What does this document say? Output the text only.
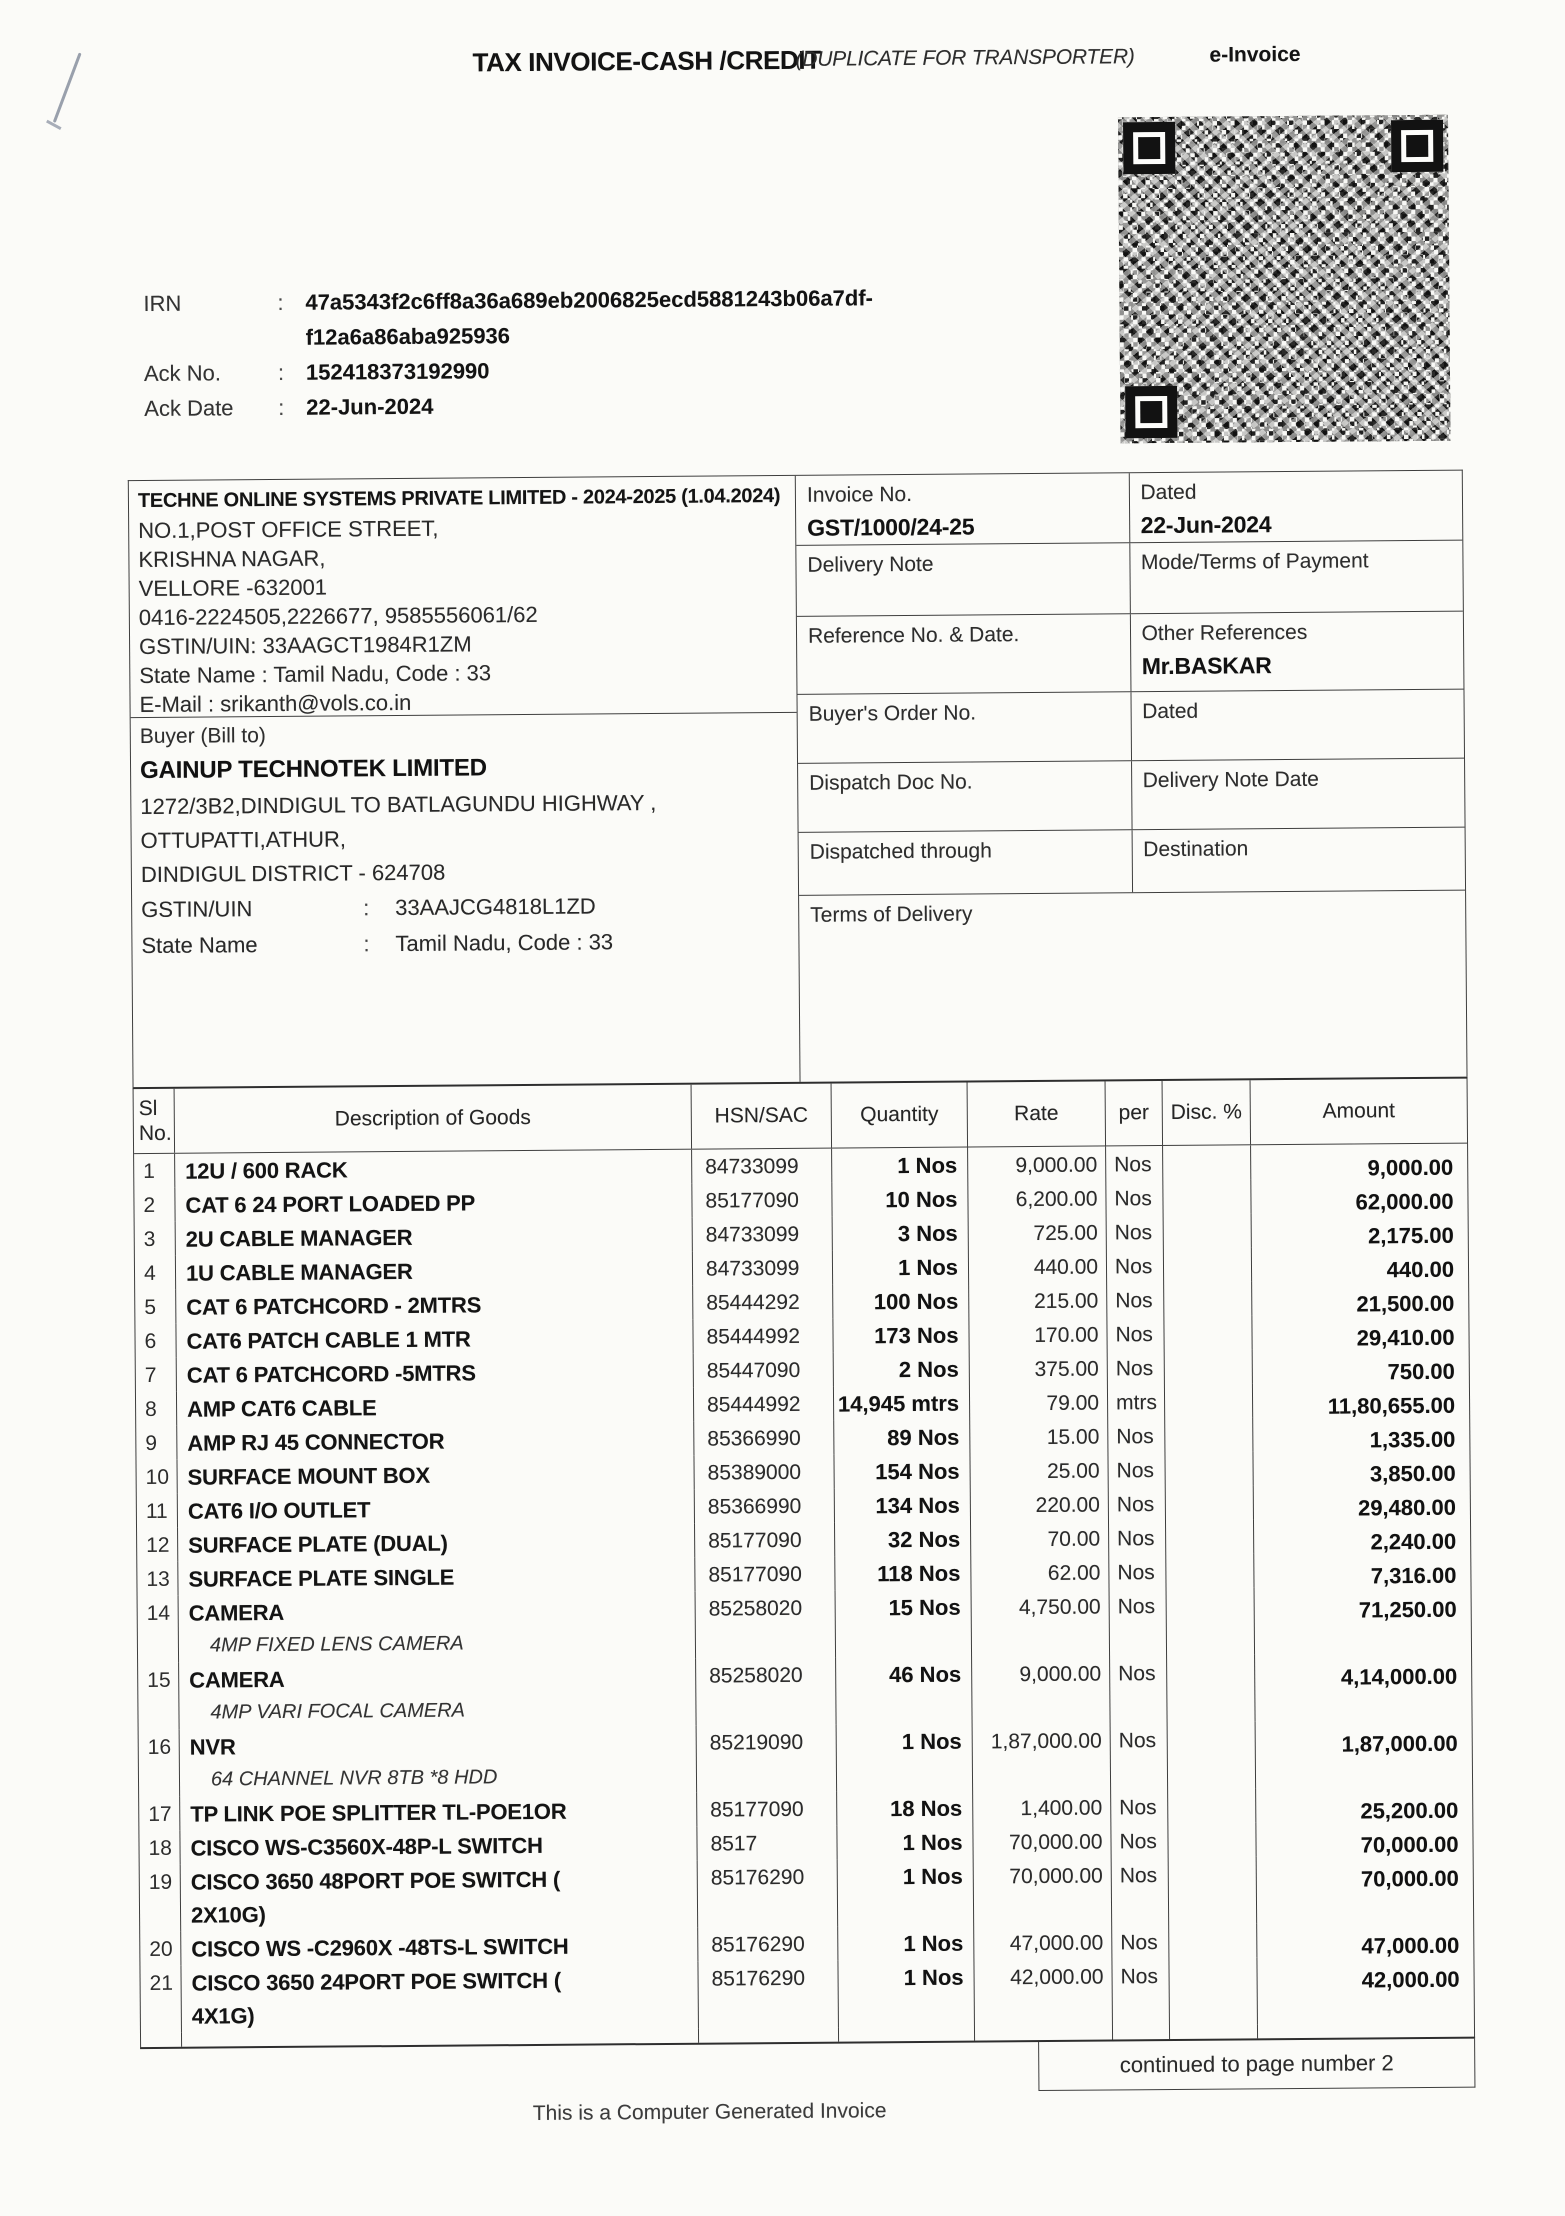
TAX INVOICE-CASH /CREDIT
(DUPLICATE FOR TRANSPORTER)	e-Invoice
IRN	: 47a5343f2c6ff8a36a689eb2006825ecd5881243b06a7df-
f12a6a86aba925936
Ack No.	: 152418373192990
Ack Date	: 22-Jun-2024
TECHNE ONLINE SYSTEMS PRIVATE LIMITED - 2024-2025 (1.04.2024)
NO.1,POST OFFICE STREET,
KRISHNA NAGAR,
VELLORE -632001
0416-2224505,2226677, 9585556061/62
GSTIN/UIN: 33AAGCT1984R1ZM
State Name : Tamil Nadu, Code : 33
E-Mail : srikanth@vols.co.in
Buyer (Bill to)
GAINUP TECHNOTEK LIMITED
1272/3B2,DINDIGUL TO BATLAGUNDU HIGHWAY ,
OTTUPATTI,ATHUR,
DINDIGUL DISTRICT - 624708
GSTIN/UIN	:	33AAJCG4818L1ZD
State Name	:	Tamil Nadu, Code : 33
Invoice No.
GST/1000/24-25
Dated
22-Jun-2024
Delivery Note	Mode/Terms of Payment
Reference No. & Date.	Other References
Mr.BASKAR
Buyer's Order No.	Dated
Dispatch Doc No.	Delivery Note Date
Dispatched through	Destination
Terms of Delivery
Sl
No.
Description of Goods	HSN/SAC	Quantity	Rate	per	Disc. %	Amount
1	12U / 600 RACK	84733099	1 Nos	9,000.00 Nos	9,000.00
2	CAT 6 24 PORT LOADED PP	85177090	10 Nos	6,200.00 Nos	62,000.00
3	2U CABLE MANAGER	84733099	3 Nos	725.00 Nos	2,175.00
4	1U CABLE MANAGER	84733099	1 Nos	440.00 Nos	440.00
5	CAT 6 PATCHCORD - 2MTRS	85444292	100 Nos	215.00 Nos	21,500.00
6	CAT6 PATCH CABLE 1 MTR	85444992	173 Nos	170.00 Nos	29,410.00
7	CAT 6 PATCHCORD -5MTRS	85447090	2 Nos	375.00 Nos	750.00
8	AMP CAT6 CABLE	85444992	14,945 mtrs	79.00 mtrs	11,80,655.00
9	AMP RJ 45 CONNECTOR	85366990	89 Nos	15.00 Nos	1,335.00
10 SURFACE MOUNT BOX	85389000	154 Nos	25.00 Nos	3,850.00
11 CAT6 I/O OUTLET	85366990	134 Nos	220.00 Nos	29,480.00
12 SURFACE PLATE (DUAL)	85177090	32 Nos	70.00 Nos	2,240.00
13 SURFACE PLATE SINGLE	85177090	118 Nos	62.00 Nos	7,316.00
14 CAMERA
4MP FIXED LENS CAMERA
85258020	15 Nos	4,750.00 Nos	71,250.00
15 CAMERA
4MP VARI FOCAL CAMERA
85258020	46 Nos	9,000.00 Nos	4,14,000.00
16 NVR
64 CHANNEL NVR 8TB *8 HDD
85219090	1 Nos	1,87,000.00 Nos	1,87,000.00
17 TP LINK POE SPLITTER TL-POE1OR	85177090	18 Nos	1,400.00 Nos	25,200.00
18 CISCO WS-C3560X-48P-L SWITCH	8517	1 Nos	70,000.00 Nos	70,000.00
19 CISCO 3650 48PORT POE SWITCH (
2X10G)
85176290	1 Nos	70,000.00 Nos	70,000.00
20 CISCO WS -C2960X -48TS-L SWITCH	85176290	1 Nos	47,000.00 Nos	47,000.00
21 CISCO 3650 24PORT POE SWITCH (
4X1G)
85176290	1 Nos	42,000.00 Nos	42,000.00
continued to page number 2
This is a Computer Generated Invoice
